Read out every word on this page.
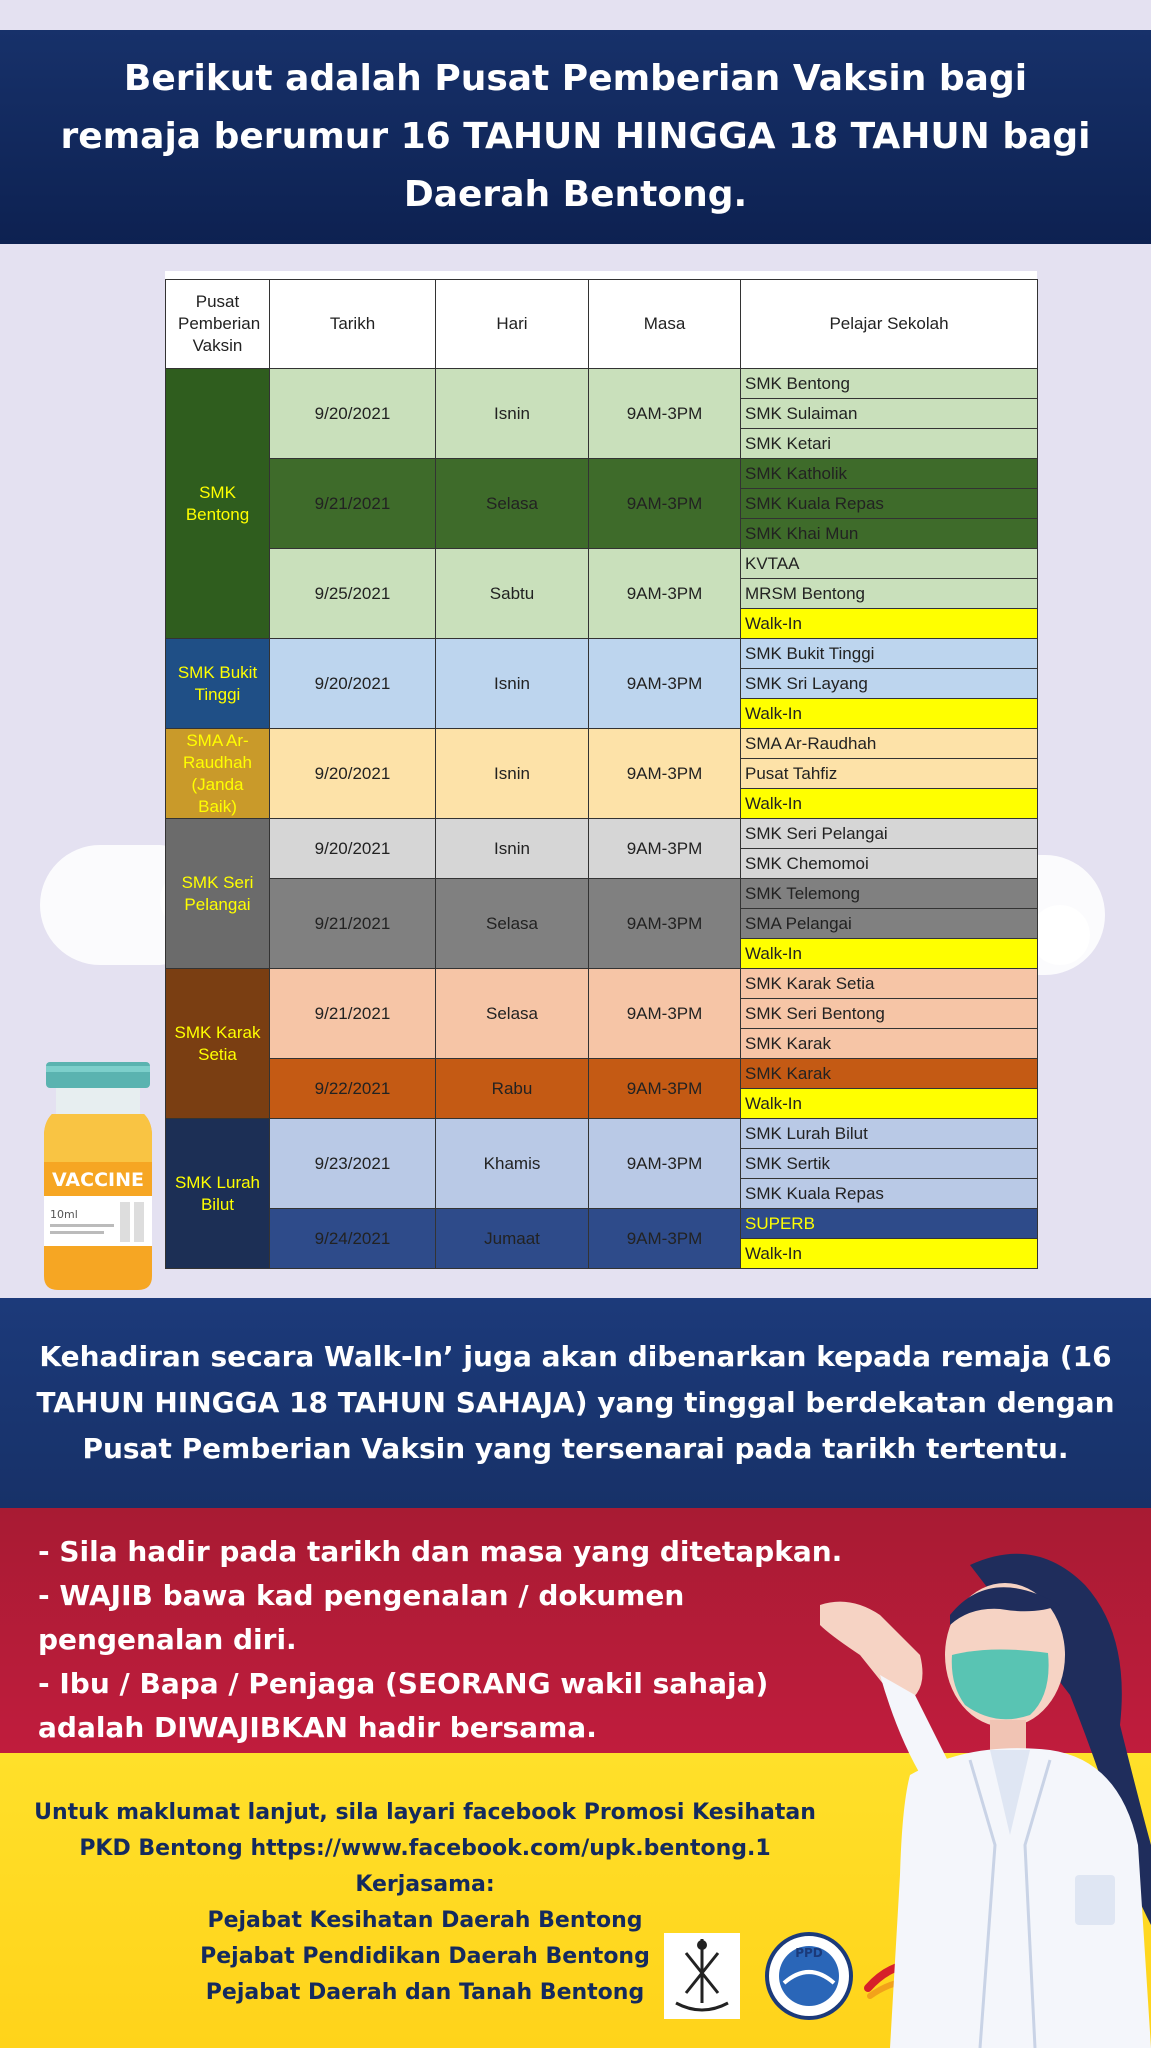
Berikut adalah Pusat Pemberian Vaksin bagi remaja berumur 16 TAHUN HINGGA 18 TAHUN bagi Daerah Bentong.
Pusat Pemberian Vaksin	Tarikh	Hari	Masa	Pelajar Sekolah
SMK Bentong	9/20/2021	Isnin	9AM-3PM	SMK Bentong
				SMK Sulaiman
				SMK Ketari
	9/21/2021	Selasa	9AM-3PM	SMK Katholik
				SMK Kuala Repas
				SMK Khai Mun
	9/25/2021	Sabtu	9AM-3PM	KVTAA
				MRSM Bentong
				Walk-In
SMK Bukit Tinggi	9/20/2021	Isnin	9AM-3PM	SMK Bukit Tinggi
				SMK Sri Layang
				Walk-In
SMA Ar-Raudhah (Janda Baik)	9/20/2021	Isnin	9AM-3PM	SMA Ar-Raudhah
				Pusat Tahfiz
				Walk-In
SMK Seri Pelangai	9/20/2021	Isnin	9AM-3PM	SMK Seri Pelangai
				SMK Chemomoi
	9/21/2021	Selasa	9AM-3PM	SMK Telemong
				SMA Pelangai
				Walk-In
SMK Karak Setia	9/21/2021	Selasa	9AM-3PM	SMK Karak Setia
				SMK Seri Bentong
				SMK Karak
	9/22/2021	Rabu	9AM-3PM	SMK Karak
				Walk-In
SMK Lurah Bilut	9/23/2021	Khamis	9AM-3PM	SMK Lurah Bilut
				SMK Sertik
				SMK Kuala Repas
	9/24/2021	Jumaat	9AM-3PM	SUPERB
				Walk-In
VACCINE
10ml

Kehadiran secara Walk-In’ juga akan dibenarkan kepada remaja (16 TAHUN HINGGA 18 TAHUN SAHAJA) yang tinggal berdekatan dengan Pusat Pemberian Vaksin yang tersenarai pada tarikh tertentu.

- Sila hadir pada tarikh dan masa yang ditetapkan.
- WAJIB bawa kad pengenalan / dokumen
pengenalan diri.
- Ibu / Bapa / Penjaga (SEORANG wakil sahaja)
adalah DIWAJIBKAN hadir bersama.
Untuk maklumat lanjut, sila layari facebook Promosi Kesihatan
PKD Bentong https://www.facebook.com/upk.bentong.1
Kerjasama:
Pejabat Kesihatan Daerah Bentong
Pejabat Pendidikan Daerah Bentong
Pejabat Daerah dan Tanah Bentong
PPD
